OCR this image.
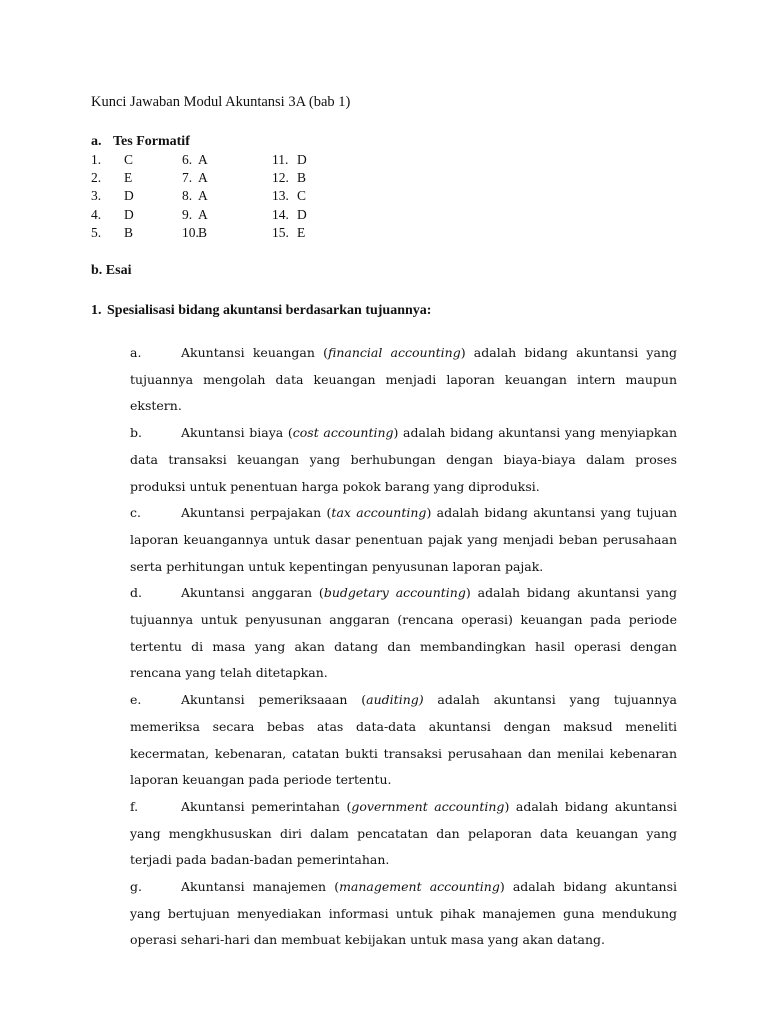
Kunci Jawaban Modul Akuntansi 3A (bab 1)
a. Tes Formatif
1. C	6. A	11. D
2. E	7. A	12. B
3. D	8. A	13. C
4. D	9. A	14. D
5. B	10. B	15. E
b. Esai
1. Spesialisasi bidang akuntansi berdasarkan tujuannya:
a.	Akuntansi keuangan (financial accounting) adalah bidang akuntansi yang tujuannya mengolah data keuangan menjadi laporan keuangan intern maupun ekstern.
b.	Akuntansi biaya (cost accounting) adalah bidang akuntansi yang menyiapkan data transaksi keuangan yang berhubungan dengan biaya-biaya dalam proses produksi untuk penentuan harga pokok barang yang diproduksi.
c.	Akuntansi perpajakan (tax accounting) adalah bidang akuntansi yang tujuan laporan keuangannya untuk dasar penentuan pajak yang menjadi beban perusahaan serta perhitungan untuk kepentingan penyusunan laporan pajak.
d.	Akuntansi anggaran (budgetary accounting) adalah bidang akuntansi yang tujuannya untuk penyusunan anggaran (rencana operasi) keuangan pada periode tertentu di masa yang akan datang dan membandingkan hasil operasi dengan rencana yang telah ditetapkan.
e.	Akuntansi pemeriksaaan (auditing) adalah akuntansi yang tujuannya memeriksa secara bebas atas data-data akuntansi dengan maksud meneliti kecermatan, kebenaran, catatan bukti transaksi perusahaan dan menilai kebenaran laporan keuangan pada periode tertentu.
f.	Akuntansi pemerintahan (government accounting) adalah bidang akuntansi yang mengkhususkan diri dalam pencatatan dan pelaporan data keuangan yang terjadi pada badan-badan pemerintahan.
g.	Akuntansi manajemen (management accounting) adalah bidang akuntansi yang bertujuan menyediakan informasi untuk pihak manajemen guna mendukung operasi sehari-hari dan membuat kebijakan untuk masa yang akan datang.
